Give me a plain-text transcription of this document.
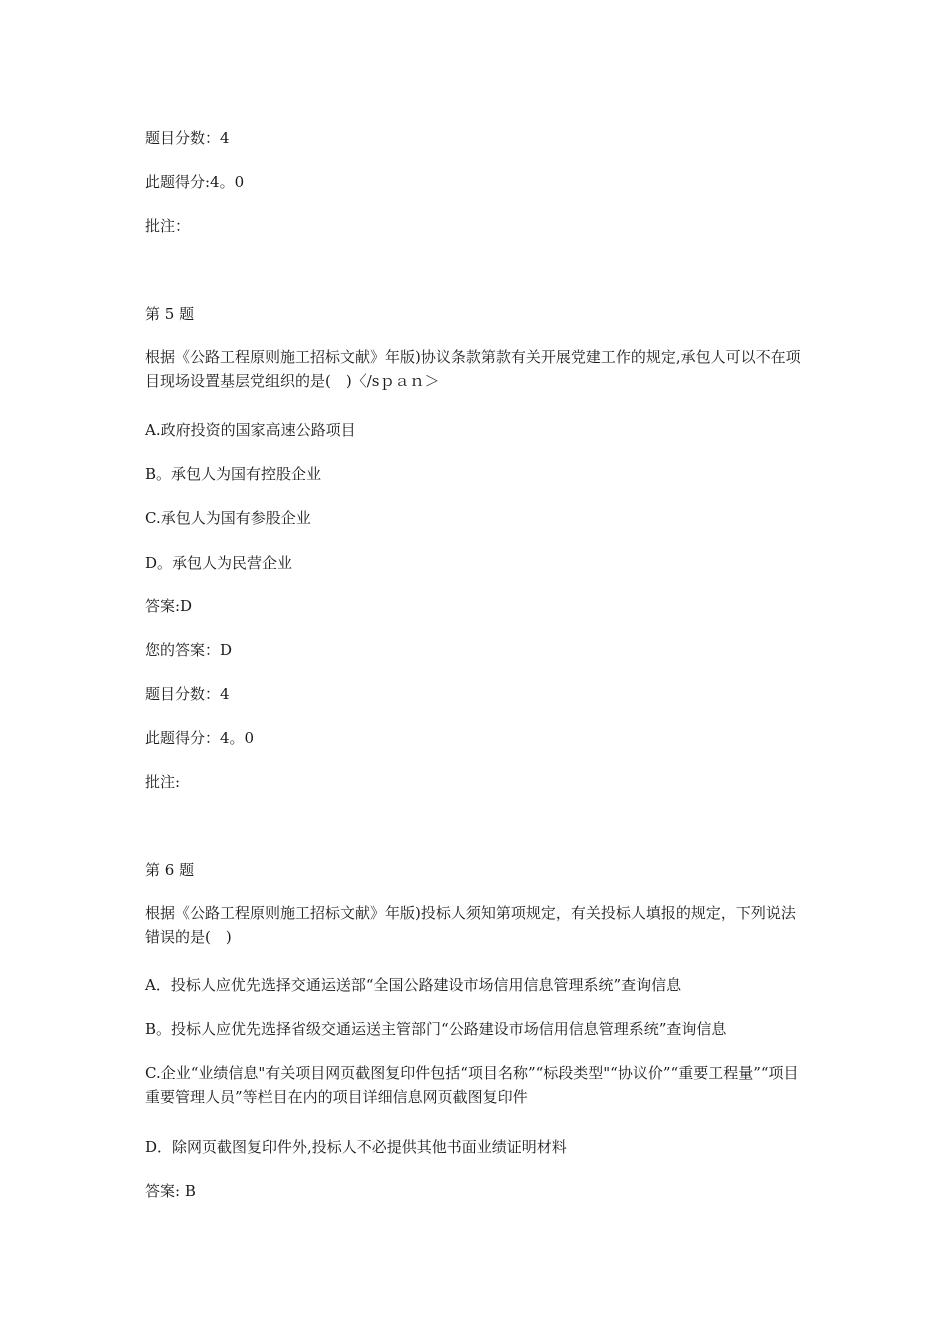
题目分数：4
此题得分:4。0
批注：
第 5 题
根据《公路工程原则施工招标文献》年版)协议条款第款有关开展党建工作的规定,承包人可以不在项目现场设置基层党组织的是(　)〈/sｐａｎ＞
A.政府投资的国家高速公路项目
B。承包人为国有控股企业
C.承包人为国有参股企业
D。承包人为民营企业
答案:D
您的答案：D
题目分数：4
此题得分：4。0
批注:
第 6 题
根据《公路工程原则施工招标文献》年版)投标人须知第项规定，有关投标人填报的规定，下列说法错误的是(　)
A．投标人应优先选择交通运送部“全国公路建设市场信用信息管理系统”查询信息
B。投标人应优先选择省级交通运送主管部门“公路建设市场信用信息管理系统”查询信息
C.企业“业绩信息"有关项目网页截图复印件包括“项目名称”“标段类型"“协议价”“重要工程量”“项目重要管理人员”等栏目在内的项目详细信息网页截图复印件
D．除网页截图复印件外,投标人不必提供其他书面业绩证明材料
答案: B
